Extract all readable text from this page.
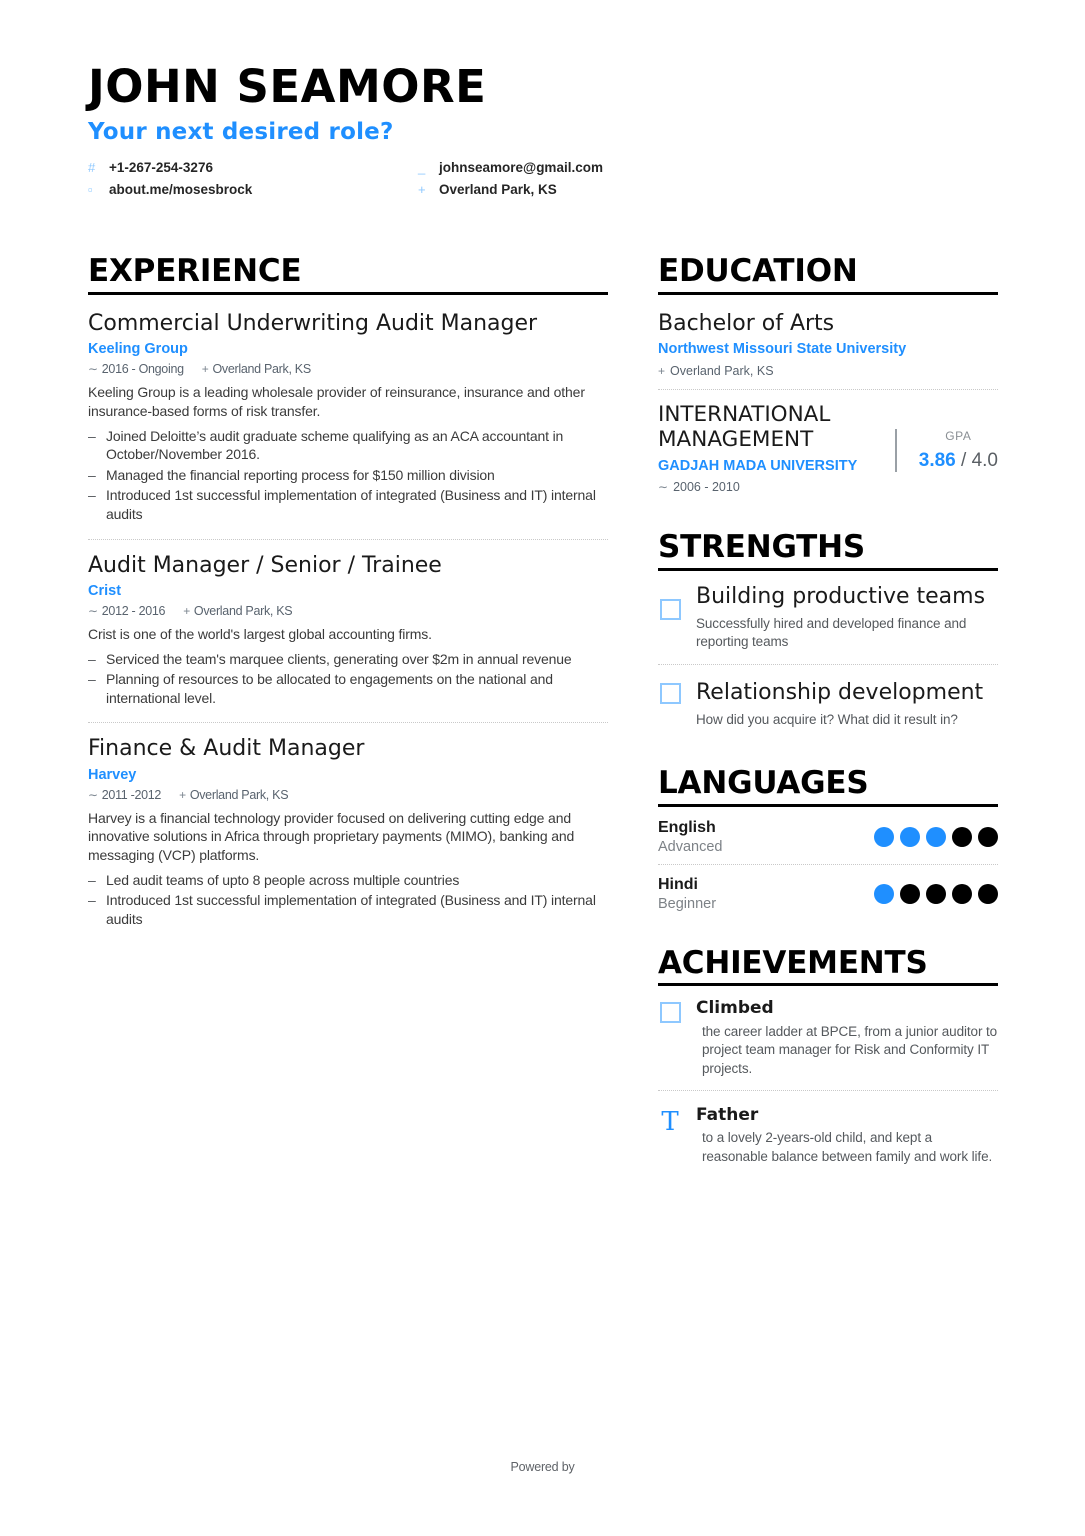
JOHN SEAMORE
Your next desired role?
#	+1-267-254-3276	_	johnseamore@gmail.com
▫	about.me/mosesbrock	+ Overland Park, KS
EXPERIENCE
Commercial Underwriting Audit Manager
Keeling Group
∼ 2016 - Ongoing + Overland Park, KS
Keeling Group is a leading wholesale provider of reinsurance, insurance and other insurance-based forms of risk transfer.
– Joined Deloitte’s audit graduate scheme qualifying as an ACA accountant in October/November 2016.
– Managed the financial reporting process for $150 million division
– Introduced 1st successful implementation of integrated (Business and IT) internal audits
Audit Manager / Senior / Trainee
Crist
∼ 2012 - 2016 + Overland Park, KS
Crist is one of the world's largest global accounting firms.
– Serviced the team's marquee clients, generating over $2m in annual revenue
– Planning of resources to be allocated to engagements on the national and international level.
Finance & Audit Manager
Harvey
∼ 2011 -2012 + Overland Park, KS
Harvey is a financial technology provider focused on delivering cutting edge and innovative solutions in Africa through proprietary payments (MIMO), banking and messaging (VCP) platforms.
– Led audit teams of upto 8 people across multiple countries
– Introduced 1st successful implementation of integrated (Business and IT) internal audits
EDUCATION
Bachelor of Arts
Northwest Missouri State University
+ Overland Park, KS
INTERNATIONAL MANAGEMENT
GADJAH MADA UNIVERSITY
GPA
3.86 / 4.0
∼ 2006 - 2010
STRENGTHS
Building productive teams
Successfully hired and developed finance and reporting teams
Relationship development
How did you acquire it? What did it result in?
LANGUAGES
English
Advanced
Hindi
Beginner
ACHIEVEMENTS
Climbed
the career ladder at BPCE, from a junior auditor to project team manager for Risk and Conformity IT projects.
T Father
to a lovely 2-years-old child, and kept a reasonable balance between family and work life.
Powered by
